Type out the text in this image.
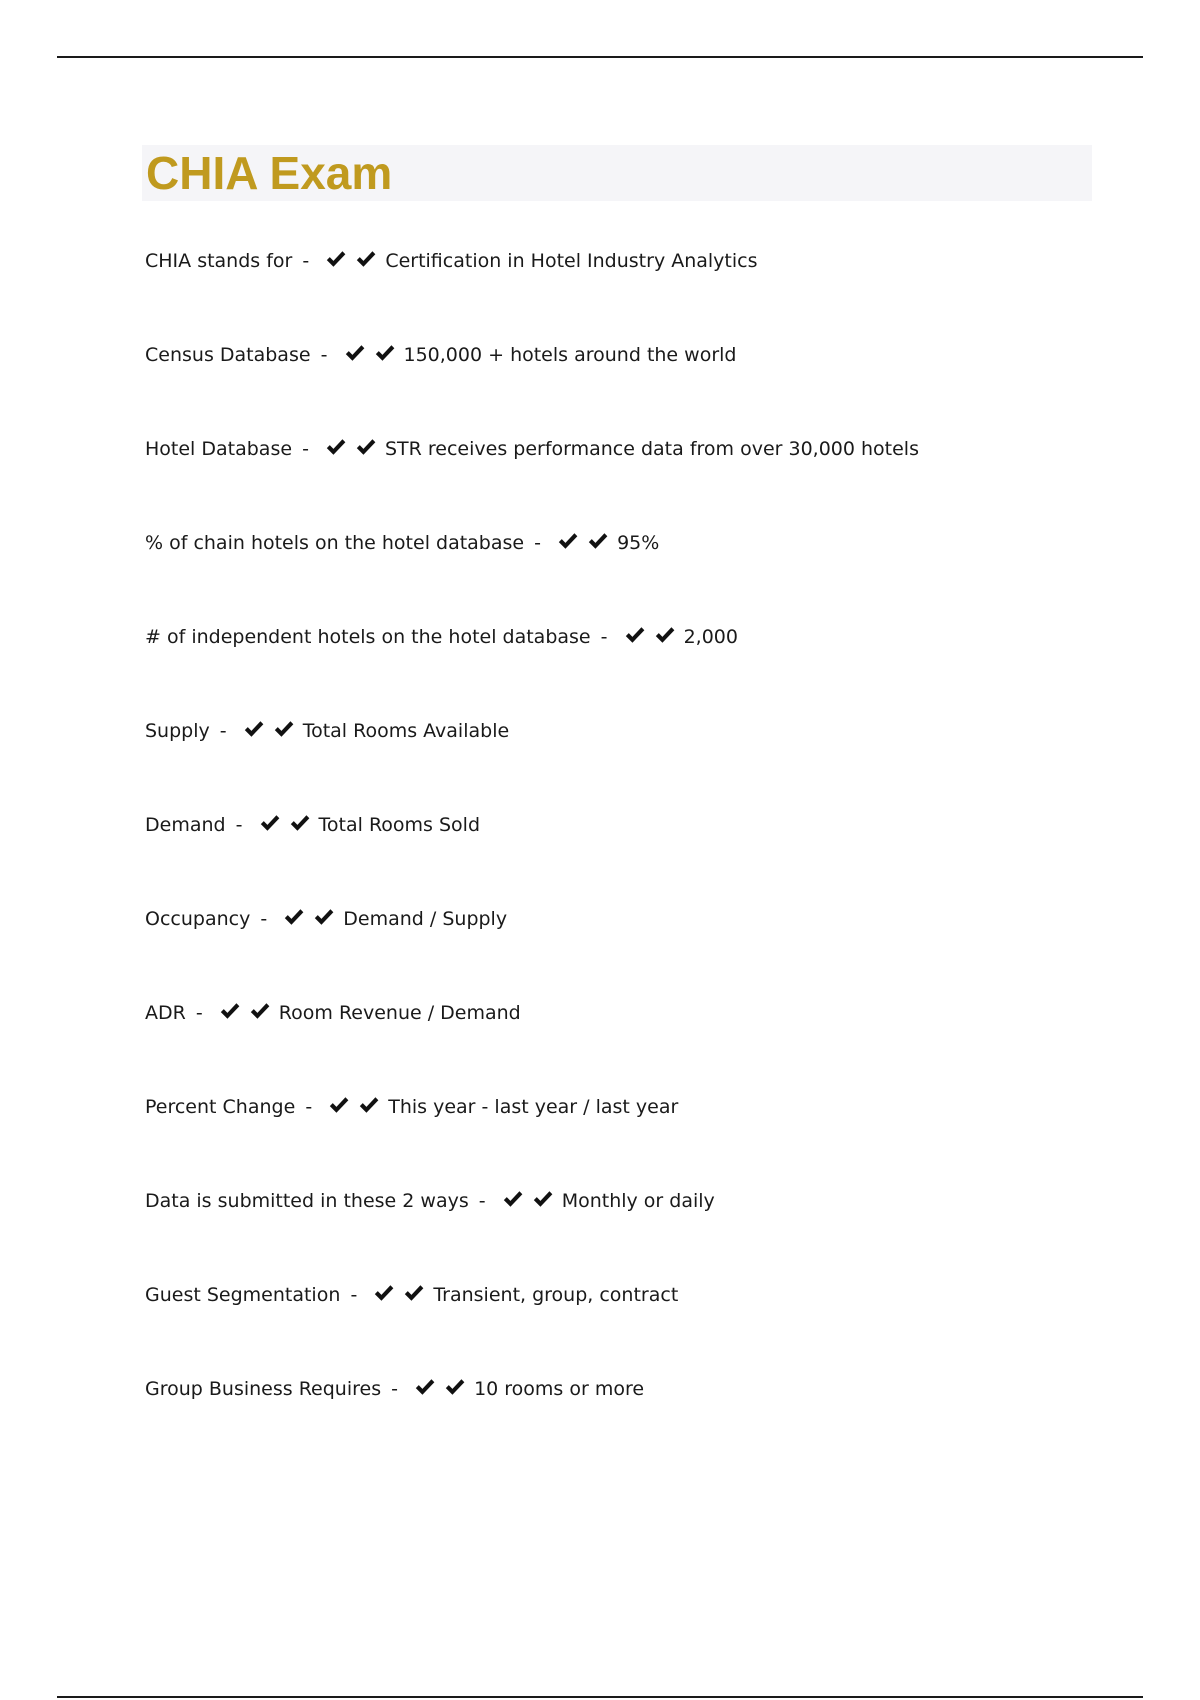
CHIA Exam
CHIA stands for -	Certification in Hotel Industry Analytics
Census Database -	150,000 + hotels around the world
Hotel Database -	STR receives performance data from over 30,000 hotels
% of chain hotels on the hotel database -	95%
# of independent hotels on the hotel database -	2,000
Supply -	Total Rooms Available
Demand -	Total Rooms Sold
Occupancy -	Demand / Supply
ADR -	Room Revenue / Demand
Percent Change -	This year - last year / last year
Data is submitted in these 2 ways -	Monthly or daily
Guest Segmentation -	Transient, group, contract
Group Business Requires -	10 rooms or more
